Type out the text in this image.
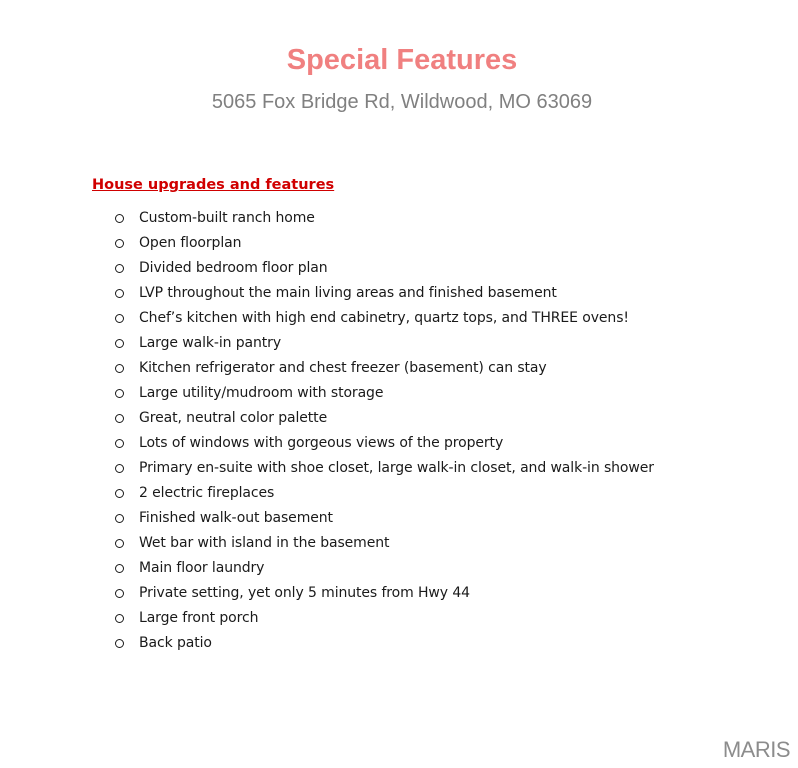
Special Features
5065 Fox Bridge Rd, Wildwood, MO 63069
House upgrades and features
Custom-built ranch home
Open floorplan
Divided bedroom floor plan
LVP throughout the main living areas and finished basement
Chef’s kitchen with high end cabinetry, quartz tops, and THREE ovens!
Large walk-in pantry
Kitchen refrigerator and chest freezer (basement) can stay
Large utility/mudroom with storage
Great, neutral color palette
Lots of windows with gorgeous views of the property
Primary en-suite with shoe closet, large walk-in closet, and walk-in shower
2 electric fireplaces
Finished walk-out basement
Wet bar with island in the basement
Main floor laundry
Private setting, yet only 5 minutes from Hwy 44
Large front porch
Back patio
MARIS
